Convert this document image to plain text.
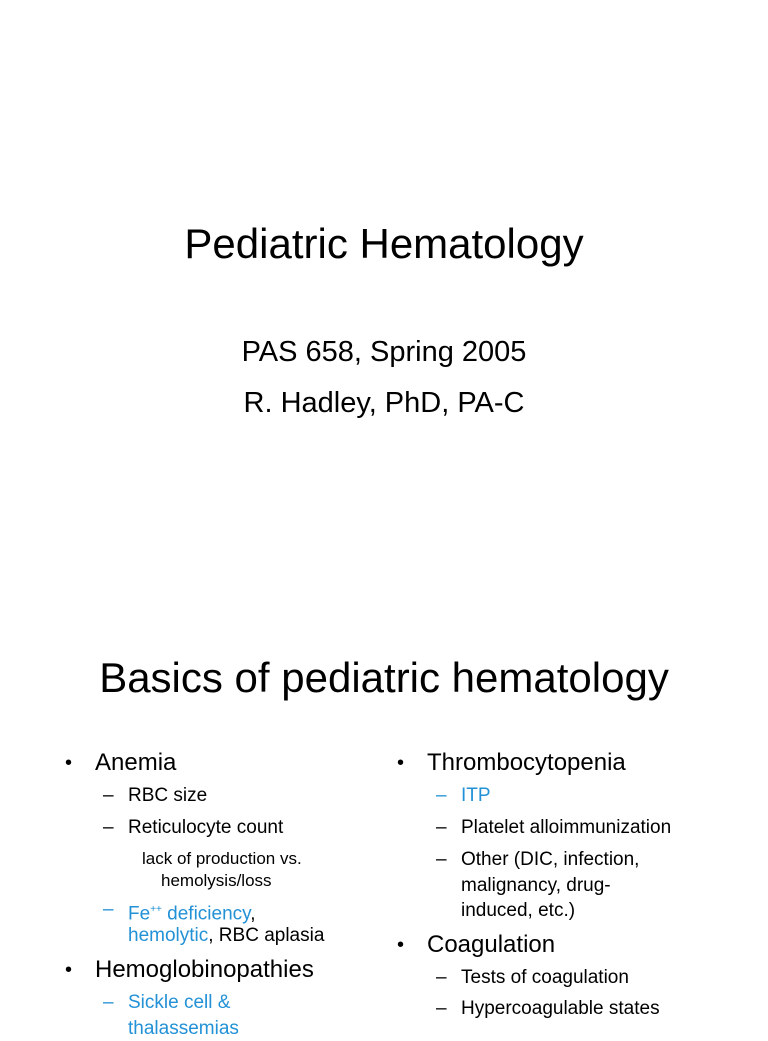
Pediatric Hematology
PAS 658, Spring 2005
R. Hadley, PhD, PA-C
Basics of pediatric hematology
• Anemia
– RBC size
– Reticulocyte count
lack of production vs.
hemolysis/loss
– Fe++ deficiency,
hemolytic, RBC aplasia
• Hemoglobinopathies
– Sickle cell &
thalassemias
• Thrombocytopenia
– ITP
– Platelet alloimmunization
– Other (DIC, infection,
malignancy, drug-
induced, etc.)
• Coagulation
– Tests of coagulation
– Hypercoagulable states
